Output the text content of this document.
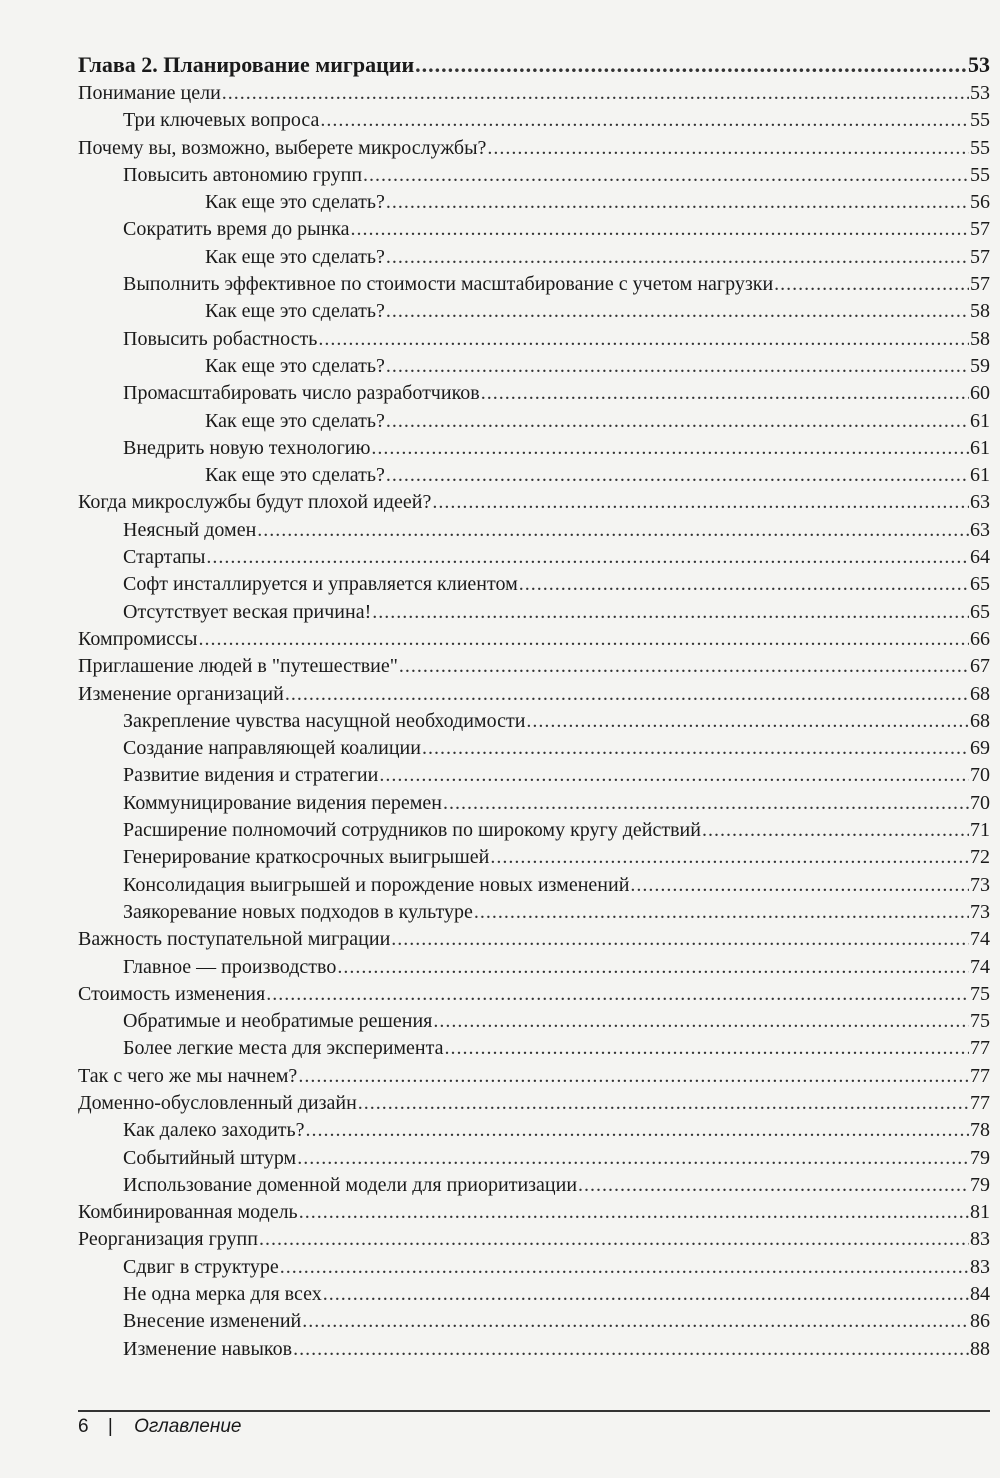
Глава 2. Планирование миграции .....	53
Понимание цели .....	53
Три ключевых вопроса .....	55
Почему вы, возможно, выберете микрослужбы? .....	55
Повысить автономию групп .....	55
Как еще это сделать? .....	56
Сократить время до рынка .....	57
Как еще это сделать? .....	57
Выполнить эффективное по стоимости масштабирование с учетом нагрузки .....	57
Как еще это сделать? .....	58
Повысить робастность .....	58
Как еще это сделать? .....	59
Промасштабировать число разработчиков .....	60
Как еще это сделать? .....	61
Внедрить новую технологию .....	61
Как еще это сделать? .....	61
Когда микрослужбы будут плохой идеей? .....	63
Неясный домен .....	63
Стартапы .....	64
Софт инсталлируется и управляется клиентом .....	65
Отсутствует веская причина! .....	65
Компромиссы .....	66
Приглашение людей в "путешествие" .....	67
Изменение организаций .....	68
Закрепление чувства насущной необходимости .....	68
Создание направляющей коалиции .....	69
Развитие видения и стратегии .....	70
Коммуницирование видения перемен .....	70
Расширение полномочий сотрудников по широкому кругу действий .....	71
Генерирование краткосрочных выигрышей .....	72
Консолидация выигрышей и порождение новых изменений .....	73
Заякоревание новых подходов в культуре .....	73
Важность поступательной миграции .....	74
Главное — производство .....	74
Стоимость изменения .....	75
Обратимые и необратимые решения .....	75
Более легкие места для эксперимента .....	77
Так с чего же мы начнем? .....	77
Доменно-обусловленный дизайн .....	77
Как далеко заходить? .....	78
Событийный штурм .....	79
Использование доменной модели для приоритизации .....	79
Комбинированная модель .....	81
Реорганизация групп .....	83
Сдвиг в структуре .....	83
Не одна мерка для всех .....	84
Внесение изменений .....	86
Изменение навыков .....	88
6 | Оглавление
